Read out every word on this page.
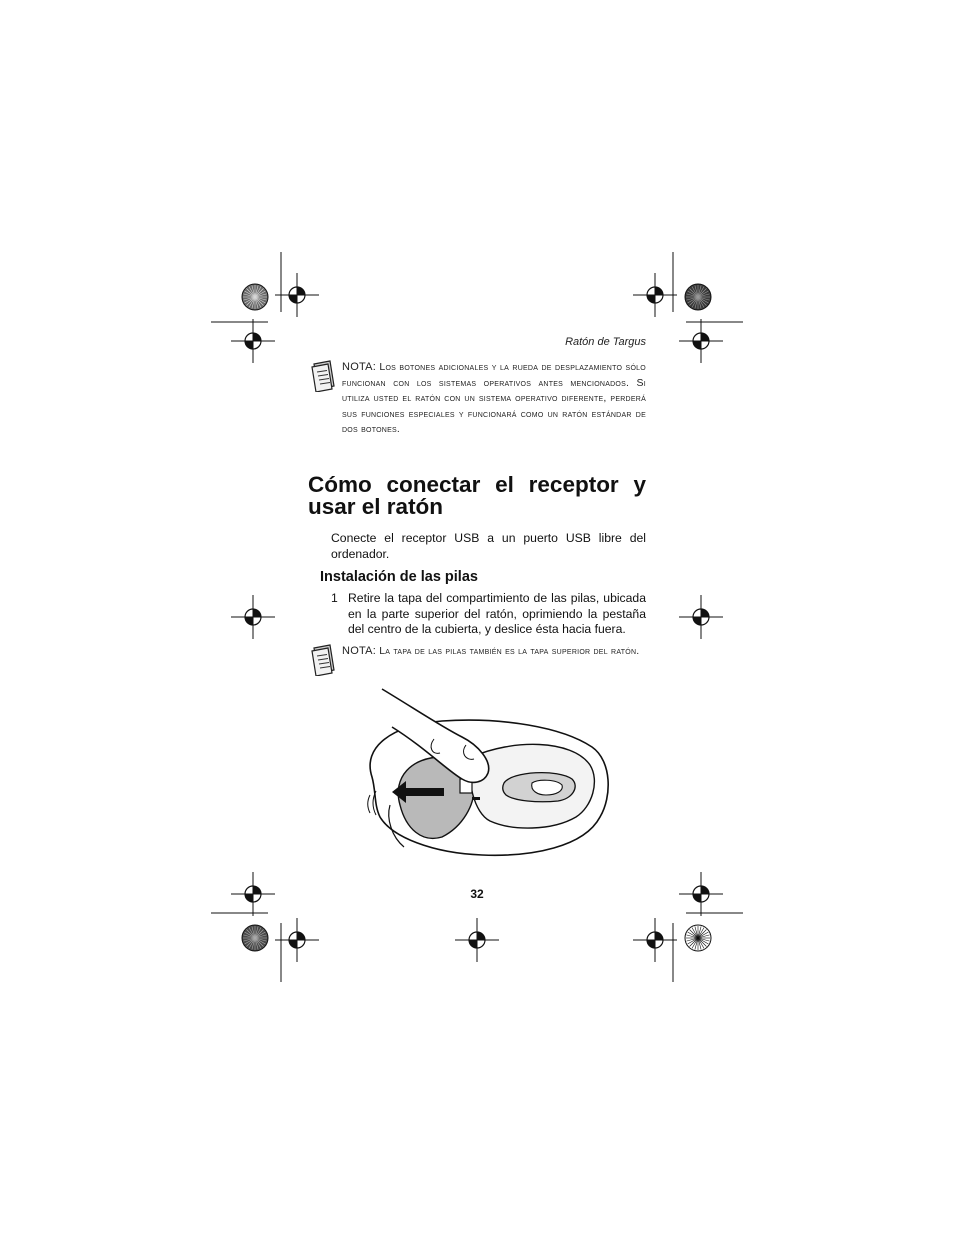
Ratón de Targus
NOTA: Los botones adicionales y la rueda de desplazamiento sólo funcionan con los sistemas operativos antes mencionados. Si utiliza usted el ratón con un sistema operativo diferente, perderá sus funciones especiales y funcionará como un ratón estándar de dos botones.
Cómo conectar el receptor y usar el ratón
Conecte el receptor USB a un puerto USB libre del ordenador.
Instalación de las pilas
1 Retire la tapa del compartimiento de las pilas, ubicada en la parte superior del ratón, oprimiendo la pestaña del centro de la cubierta, y deslice ésta hacia fuera.
NOTA: La tapa de las pilas también es la tapa superior del ratón.
32
